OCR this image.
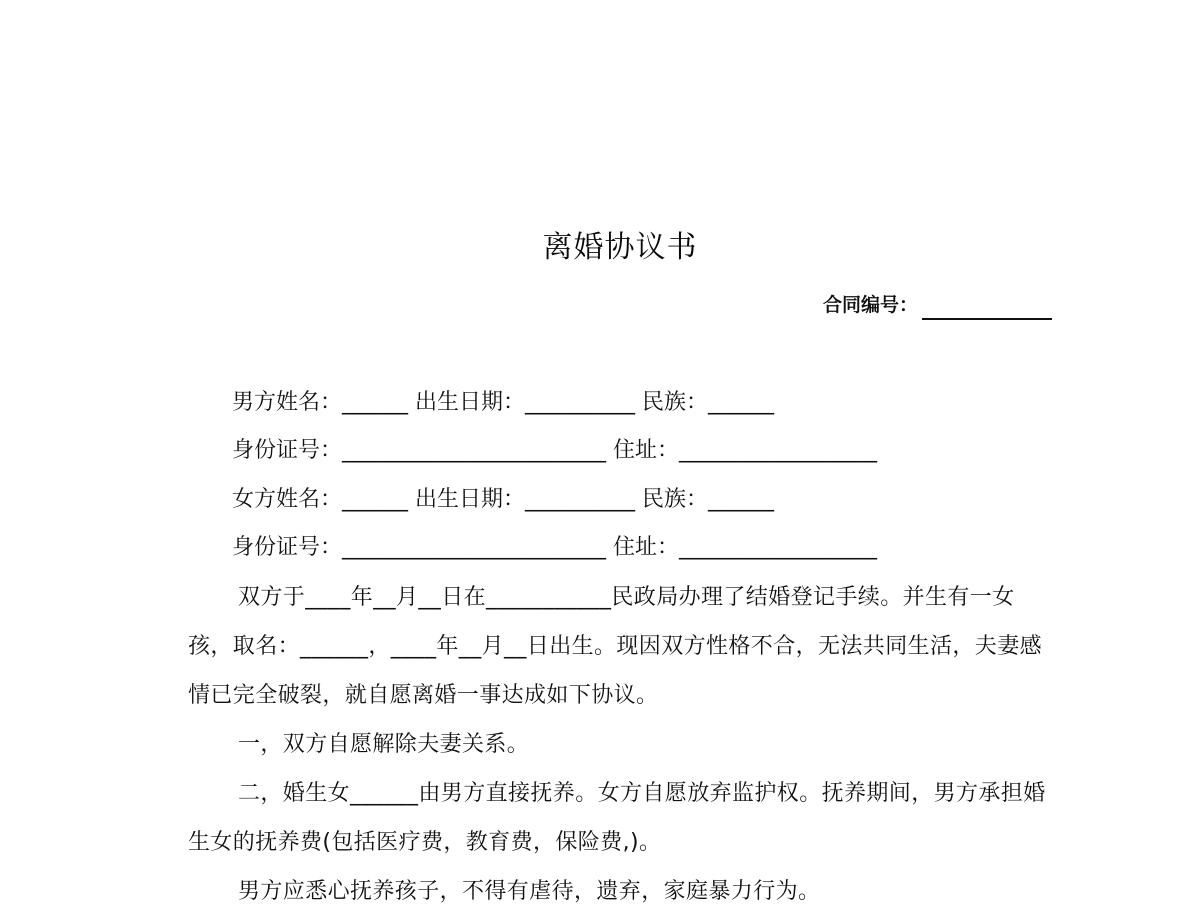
离婚协议书
合同编号：
男方姓名：______ 出生日期：__________ 民族：______
身份证号：________________________ 住址：__________________
女方姓名：______ 出生日期：__________ 民族：______
身份证号：________________________ 住址：__________________
双方于____年__月__日在___________民政局办理了结婚登记手续。并生有一女孩，取名：______，____年__月__日出生。现因双方性格不合，无法共同生活，夫妻感情已完全破裂，就自愿离婚一事达成如下协议。
一，双方自愿解除夫妻关系。
二，婚生女______由男方直接抚养。女方自愿放弃监护权。抚养期间，男方承担婚生女的抚养费(包括医疗费，教育费，保险费,)。
男方应悉心抚养孩子，不得有虐待，遗弃，家庭暴力行为。
